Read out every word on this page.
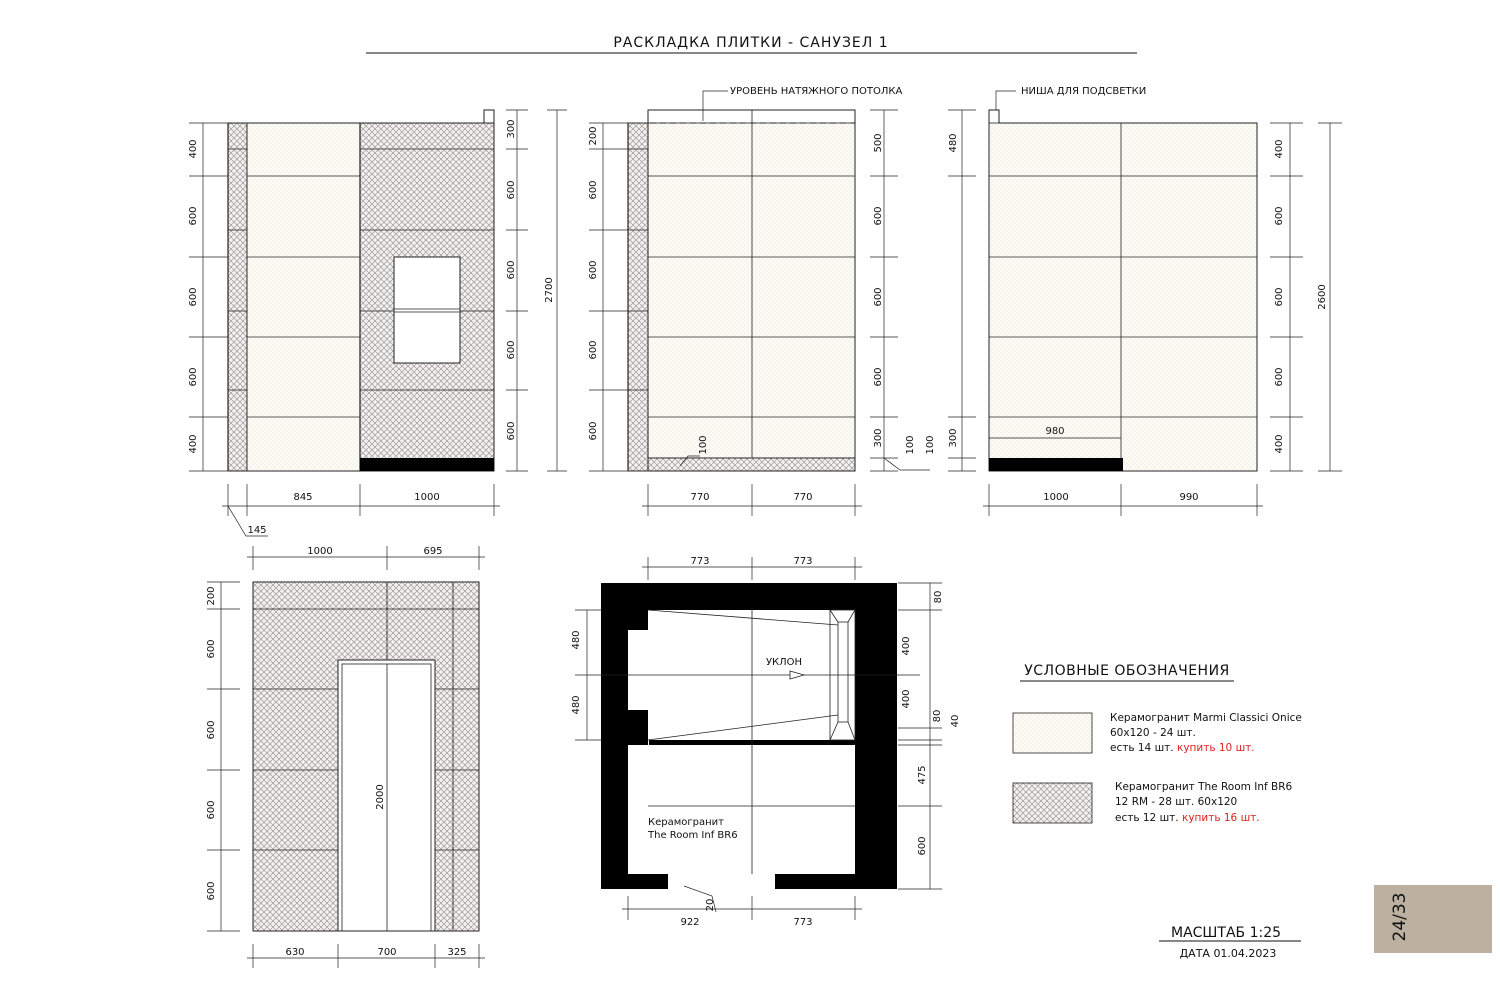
РАСКЛАДКА ПЛИТКИ - САНУЗЕЛ 1
400
600
600
600
400
300
600
600
600
600
2700
845	1000
145
УРОВЕНЬ НАТЯЖНОГО ПОТОЛКА
200
600
600
600
600
500
600
600
600
300
100	100 100
770	770
НИША ДЛЯ ПОДСВЕТКИ
480
300
400
600
600
600
400
2600
980
1000	990
1000	695
200
600
600
600
600
2000
630	700	325
УКЛОН
Керамогранит
The Room Inf BR6
773	773
480
480
80
400
400
80 40
475
600
922	773
20
УСЛОВНЫЕ ОБОЗНАЧЕНИЯ
Керамогранит Marmi Classici Onice
60х120 - 24 шт.
есть 14 шт. купить 10 шт.
Керамогранит The Room Inf BR6
12 RM - 28 шт. 60х120
есть 12 шт. купить 16 шт.
МАСШТАБ 1:25
ДАТА 01.04.2023
24/33
